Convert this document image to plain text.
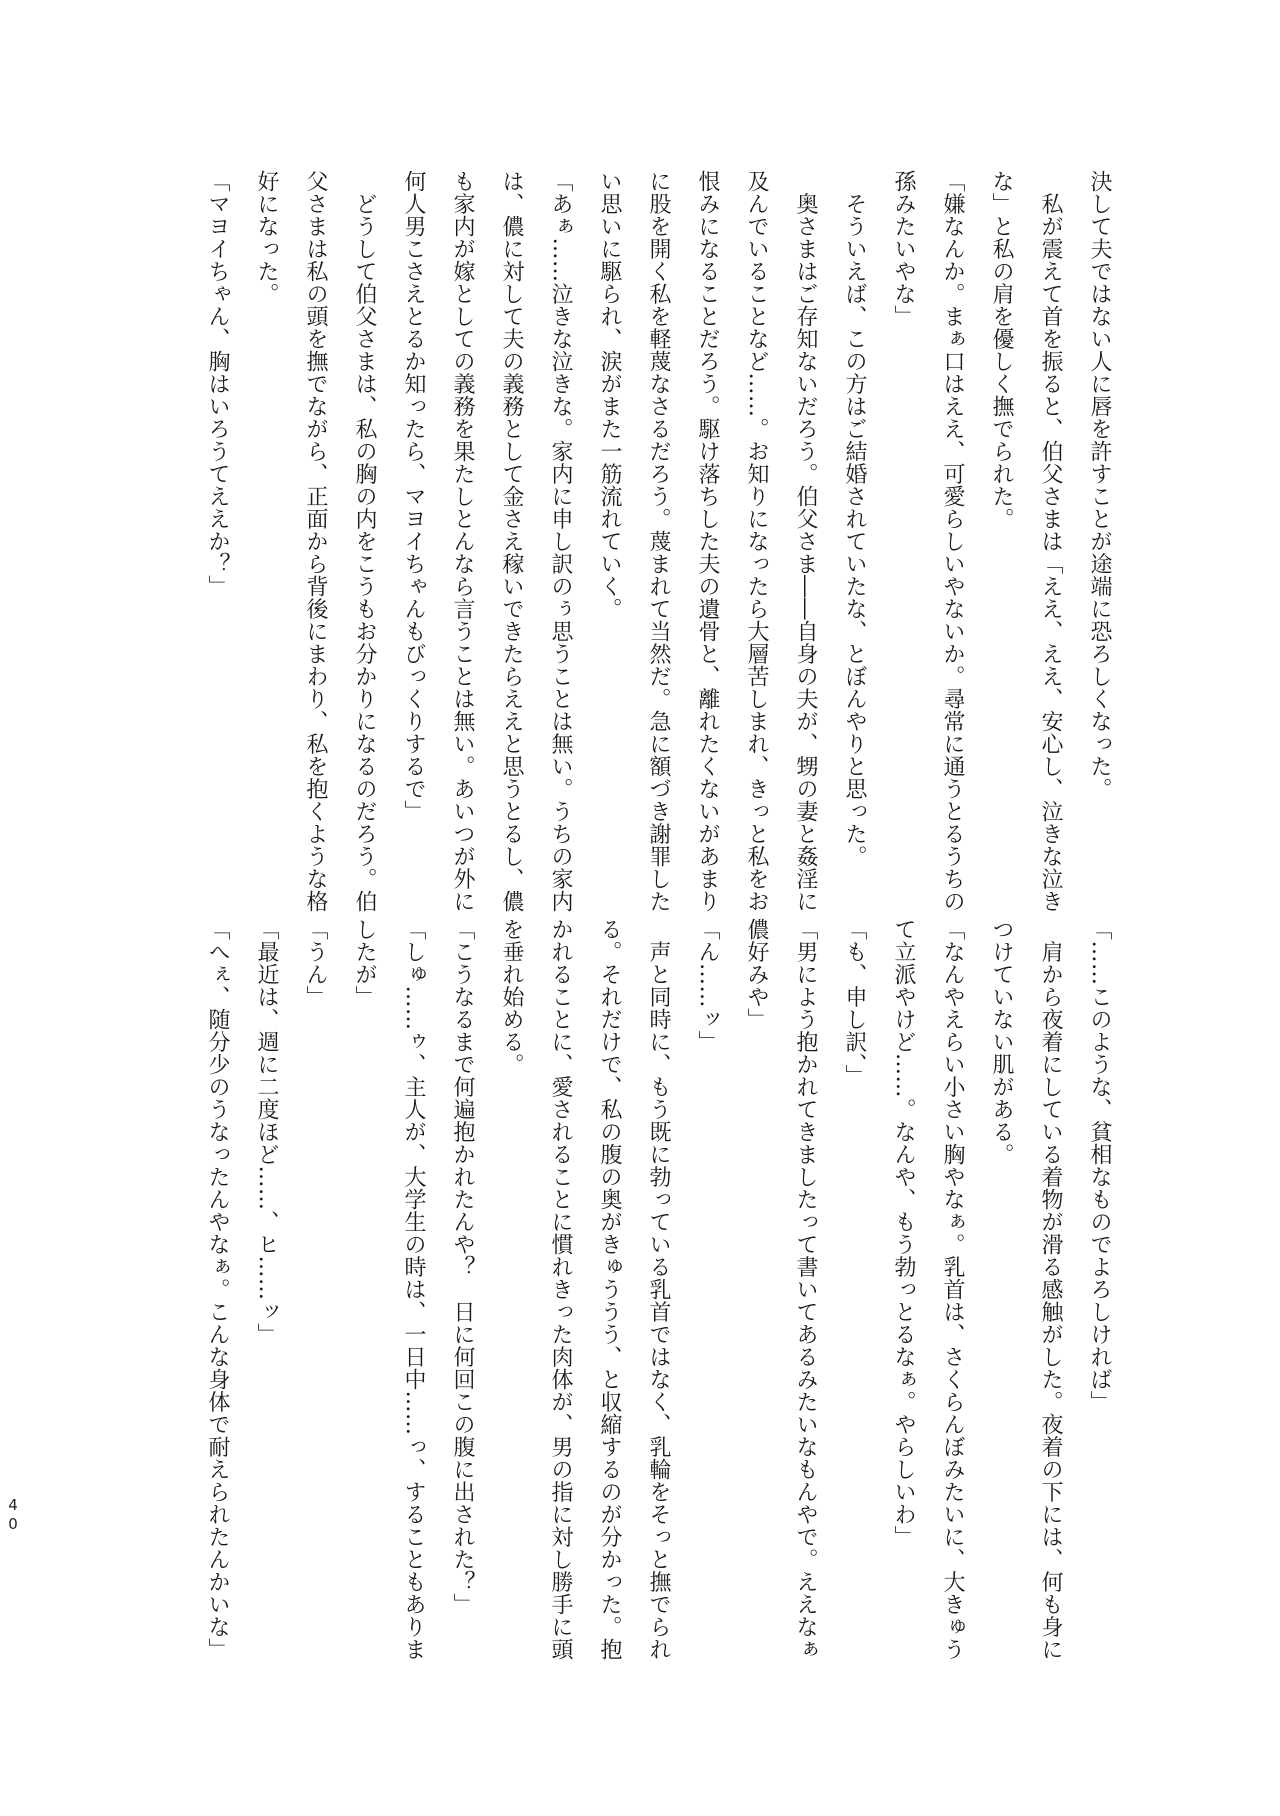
決して夫ではない人に唇を許すことが途端に恐ろしくなった。
　私が震えて首を振ると、伯父さまは「ええ、ええ、安心し、泣きな泣き
な」と私の肩を優しく撫でられた。
「嫌なんか。まぁ口はええ、可愛らしいやないか。尋常に通うとるうちの
孫みたいやな」
　そういえば、この方はご結婚されていたな、とぼんやりと思った。
　奥さまはご存知ないだろう。伯父さま――自身の夫が、甥の妻と姦淫に
及んでいることなど……。お知りになったら大層苦しまれ、きっと私をお
恨みになることだろう。駆け落ちした夫の遺骨と、離れたくないがあまり
に股を開く私を軽蔑なさるだろう。蔑まれて当然だ。急に額づき謝罪した
い思いに駆られ、涙がまた一筋流れていく。
「あぁ……泣きな泣きな。家内に申し訳のぅ思うことは無い。うちの家内
は、儂に対して夫の義務として金さえ稼いできたらええと思うとるし、儂
も家内が嫁としての義務を果たしとんなら言うことは無い。あいつが外に
何人男こさえとるか知ったら、マヨイちゃんもびっくりするで」
　どうして伯父さまは、私の胸の内をこうもお分かりになるのだろう。伯
父さまは私の頭を撫でながら、正面から背後にまわり、私を抱くような格
好になった。
「マヨイちゃん、胸はいろうてええか？」
「……このような、貧相なものでよろしければ」
　肩から夜着にしている着物が滑る感触がした。夜着の下には、何も身に
つけていない肌がある。
「なんやえらい小さい胸やなぁ。乳首は、さくらんぼみたいに、大きゅう
て立派やけど……。なんや、もう勃っとるなぁ。やらしいわ」
「も、申し訳、」
「男によう抱かれてきましたって書いてあるみたいなもんやで。ええなぁ
儂好みや」
「ん……ッ」
　声と同時に、もう既に勃っている乳首ではなく、乳輪をそっと撫でられ
る。それだけで、私の腹の奥がきゅううう、と収縮するのが分かった。抱
かれることに、愛されることに慣れきった肉体が、男の指に対し勝手に頭
を垂れ始める。
「こうなるまで何遍抱かれたんや？　日に何回この腹に出された？」
「しゅ……ゥ、主人が、大学生の時は、一日中……っ、することもありま
したが」
「うん」
「最近は、週に二度ほど……、ヒ……ッ」
「へぇ、随分少のうなったんやなぁ。こんな身体で耐えられたんかいな」
40
